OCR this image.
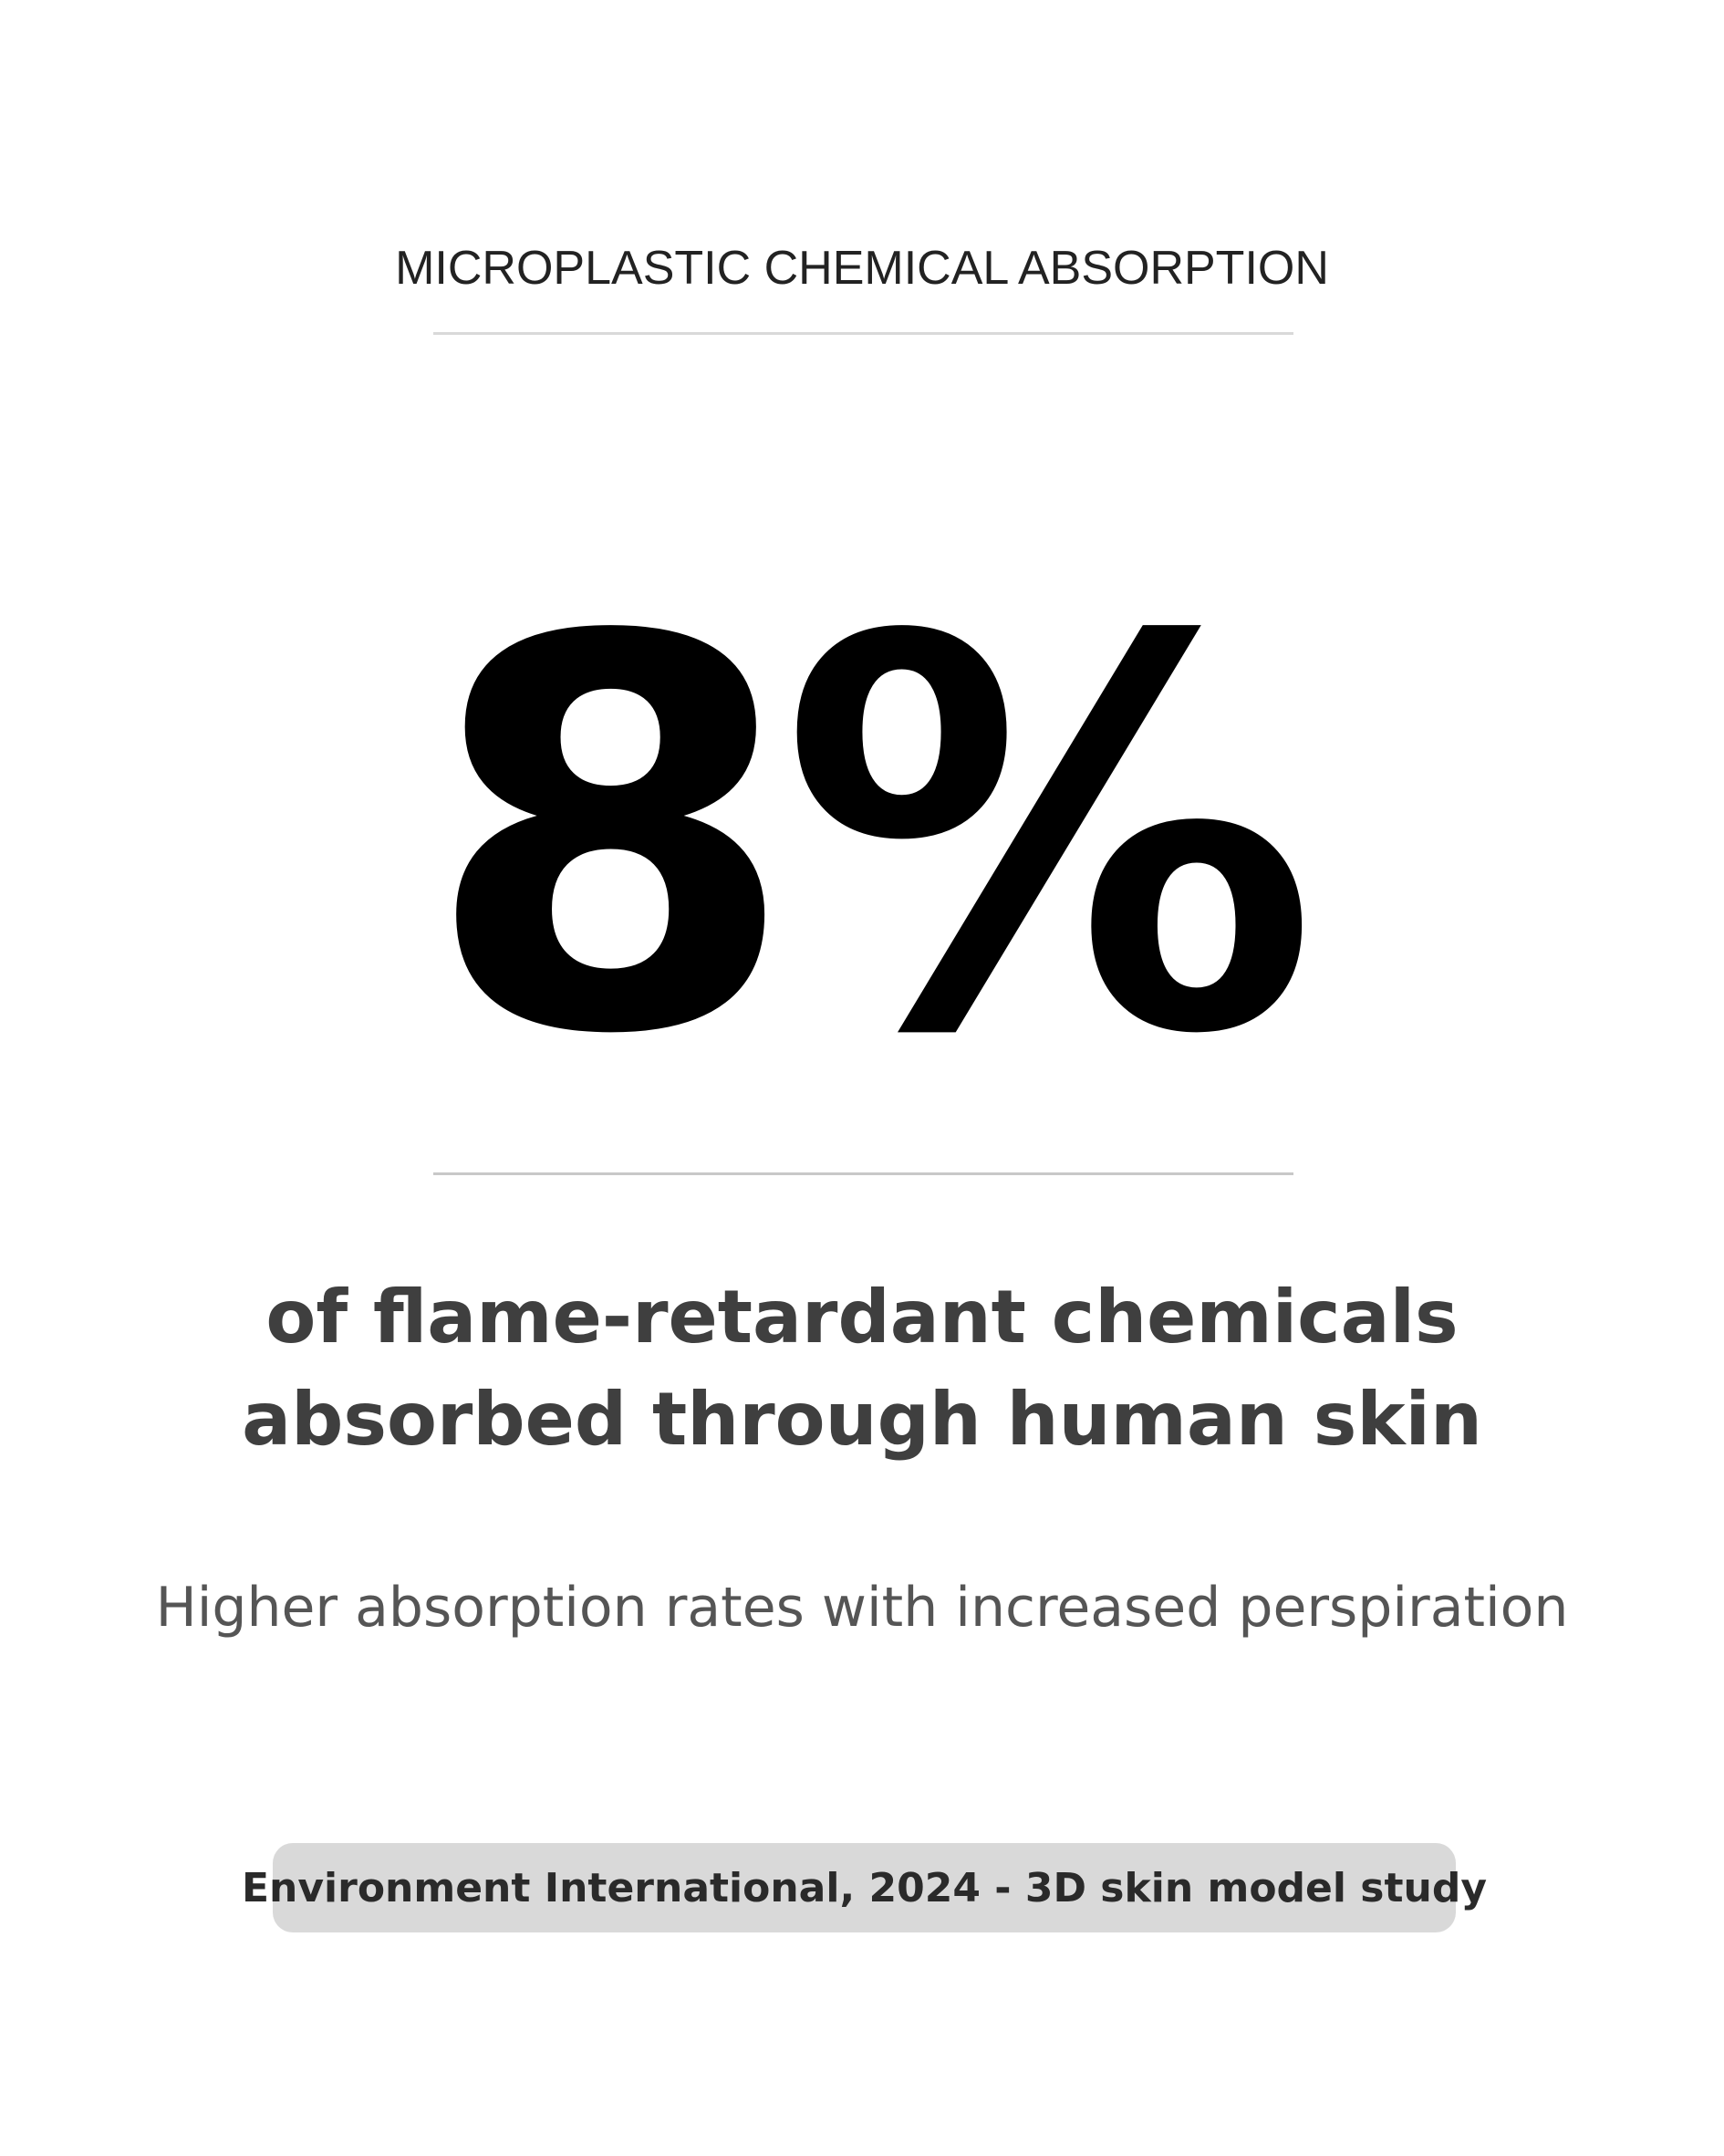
MICROPLASTIC CHEMICAL ABSORPTION
8%
of flame-retardant chemicals
absorbed through human skin
Higher absorption rates with increased perspiration
Environment International, 2024 - 3D skin model study
